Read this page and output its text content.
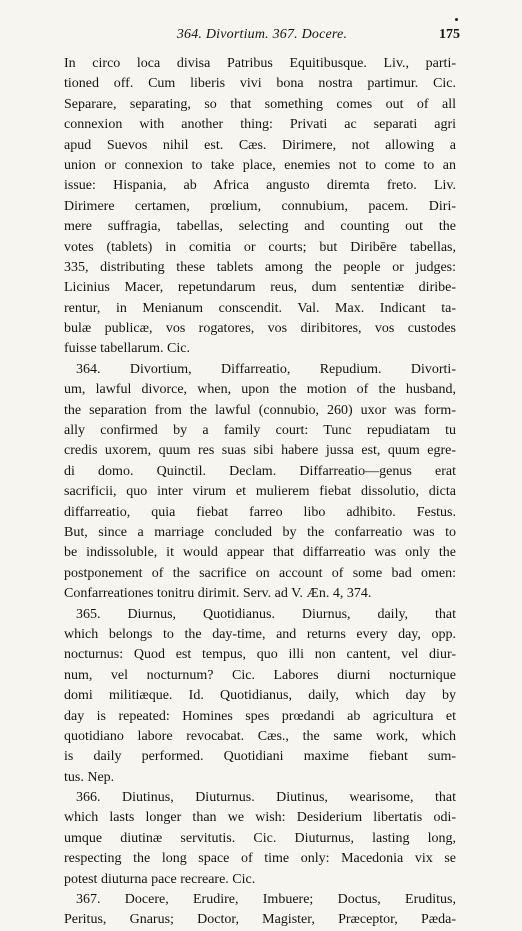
364. Divortium. 367. Docere.	175
In circo loca divisa Patribus Equitibusque. Liv., parti-
tioned off. Cum liberis vivi bona nostra partimur. Cic.
Separare, separating, so that something comes out of all
connexion with another thing: Privati ac separati agri
apud Suevos nihil est. Cæs. Dirimere, not allowing a
union or connexion to take place, enemies not to come to an
issue: Hispania, ab Africa angusto diremta freto. Liv.
Dirimere certamen, prœlium, connubium, pacem. Diri-
mere suffragia, tabellas, selecting and counting out the
votes (tablets) in comitia or courts; but Diribēre tabellas,
335, distributing these tablets among the people or judges:
Licinius Macer, repetundarum reus, dum sententiæ diribe-
rentur, in Menianum conscendit. Val. Max. Indicant ta-
bulæ publicæ, vos rogatores, vos diribitores, vos custodes
fuisse tabellarum. Cic.
364. Divortium, Diffarreatio, Repudium. Divorti-
um, lawful divorce, when, upon the motion of the husband,
the separation from the lawful (connubio, 260) uxor was form-
ally confirmed by a family court: Tunc repudiatam tu
credis uxorem, quum res suas sibi habere jussa est, quum egre-
di domo. Quinctil. Declam. Diffarreatio—genus erat
sacrificii, quo inter virum et mulierem fiebat dissolutio, dicta
diffarreatio, quia fiebat farreo libo adhibito. Festus.
But, since a marriage concluded by the confarreatio was to
be indissoluble, it would appear that diffarreatio was only the
postponement of the sacrifice on account of some bad omen:
Confarreationes tonitru dirimit. Serv. ad V. Æn. 4, 374.
365. Diurnus, Quotidianus. Diurnus, daily, that
which belongs to the day-time, and returns every day, opp.
nocturnus: Quod est tempus, quo illi non cantent, vel diur-
num, vel nocturnum? Cic. Labores diurni nocturnique
domi militiæque. Id. Quotidianus, daily, which day by
day is repeated: Homines spes prœdandi ab agricultura et
quotidiano labore revocabat. Cæs., the same work, which
is daily performed. Quotidiani maxime fiebant sum-
tus. Nep.
366. Diutinus, Diuturnus. Diutinus, wearisome, that
which lasts longer than we wish: Desiderium libertatis odi-
umque diutinæ servitutis. Cic. Diuturnus, lasting long,
respecting the long space of time only: Macedonia vix se
potest diuturna pace recreare. Cic.
367. Docere, Erudire, Imbuere; Doctus, Eruditus,
Peritus, Gnarus; Doctor, Magister, Præceptor, Pæda-
